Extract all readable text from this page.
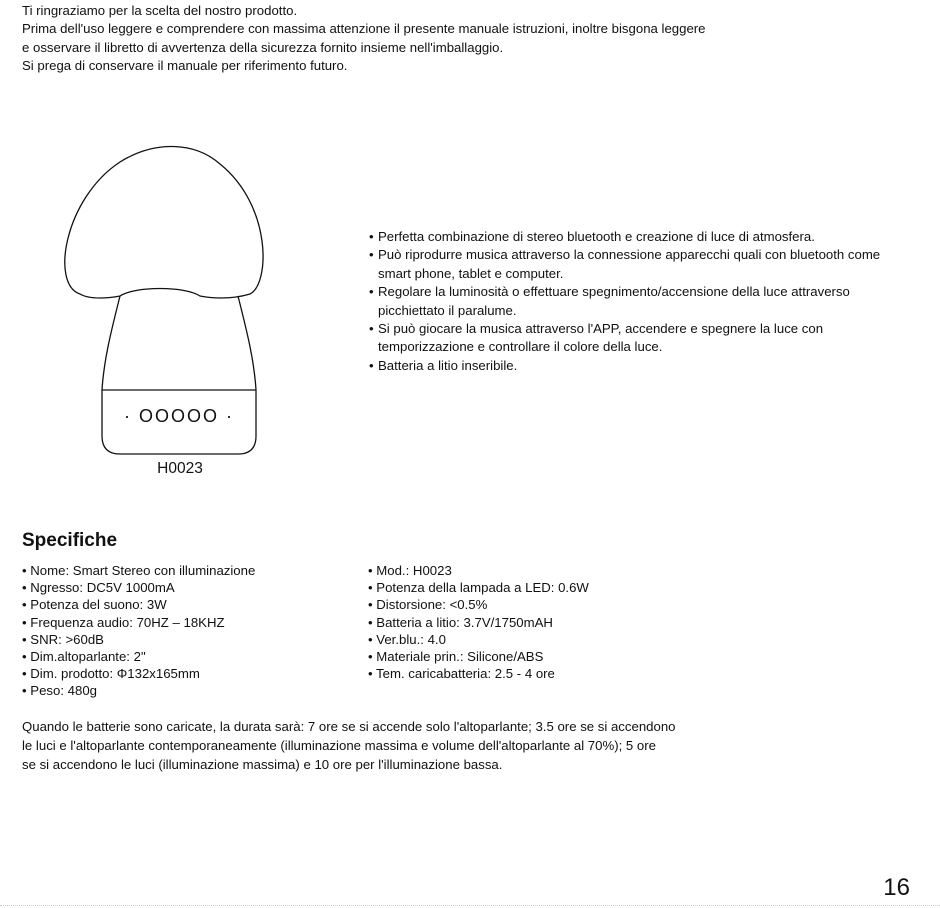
Ti ringraziamo per la scelta del nostro prodotto.

Prima dell'uso leggere e comprendere con massima attenzione il presente manuale istruzioni, inoltre bisgona leggere

e osservare il libretto di avvertenza della sicurezza fornito insieme nell'imballaggio.

Si prega di conservare il manuale per riferimento futuro.

· OOOOO ·
H0023
• Perfetta combinazione di stereo bluetooth e creazione di luce di atmosfera.
• Può riprodurre musica attraverso la connessione apparecchi quali con bluetooth come smart phone, tablet e computer.
• Regolare la luminosità o effettuare spegnimento/accensione della luce attraverso picchiettato il paralume.
• Si può giocare la musica attraverso l'APP, accendere e spegnere la luce con temporizzazione e controllare il colore della luce.
• Batteria a litio inseribile.
Specifiche
• Nome: Smart Stereo con illuminazione
• Ngresso: DC5V 1000mA
• Potenza del suono: 3W
• Frequenza audio: 70HZ – 18KHZ
• SNR: >60dB
• Dim.altoparlante: 2"
• Dim. prodotto: Φ132x165mm
• Peso: 480g
• Mod.: H0023
• Potenza della lampada a LED: 0.6W
• Distorsione: <0.5%
• Batteria a litio: 3.7V/1750mAH
• Ver.blu.: 4.0
• Materiale prin.: Silicone/ABS
• Tem. caricabatteria: 2.5 - 4 ore
Quando le batterie sono caricate, la durata sarà: 7 ore se si accende solo l'altoparlante; 3.5 ore se si accendono
le luci e l'altoparlante contemporaneamente (illuminazione massima e volume dell'altoparlante al 70%); 5 ore
se si accendono le luci (illuminazione massima) e 10 ore per l'illuminazione bassa.
16
